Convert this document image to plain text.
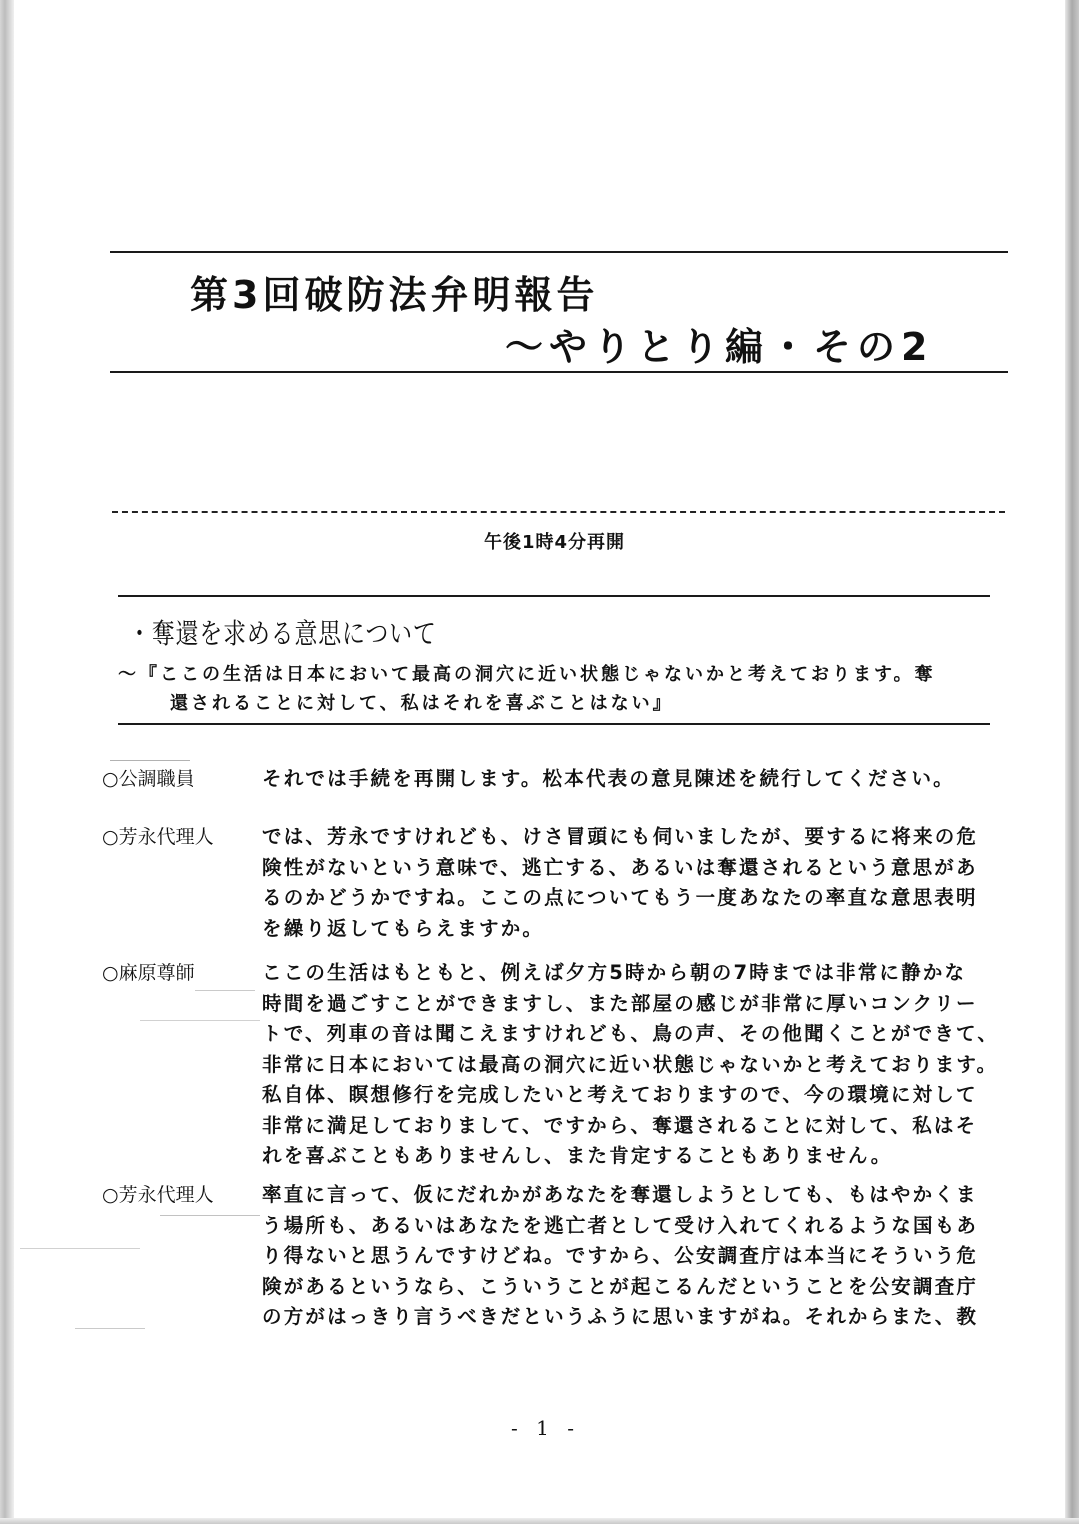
第3回破防法弁明報告
〜やりとり編・その2
午後1時4分再開
・奪還を求める意思について
〜『ここの生活は日本において最高の洞穴に近い状態じゃないかと考えております。奪
還されることに対して、私はそれを喜ぶことはない』
○公調職員	それでは手続を再開します。松本代表の意見陳述を続行してください。
○芳永代理人	では、芳永ですけれども、けさ冒頭にも伺いましたが、要するに将来の危
険性がないという意味で、逃亡する、あるいは奪還されるという意思があ
るのかどうかですね。ここの点についてもう一度あなたの率直な意思表明
を繰り返してもらえますか。
○麻原尊師	ここの生活はもともと、例えば夕方5時から朝の7時までは非常に静かな
時間を過ごすことができますし、また部屋の感じが非常に厚いコンクリー
トで、列車の音は聞こえますけれども、鳥の声、その他聞くことができて、
非常に日本においては最高の洞穴に近い状態じゃないかと考えております。
私自体、瞑想修行を完成したいと考えておりますので、今の環境に対して
非常に満足しておりまして、ですから、奪還されることに対して、私はそ
れを喜ぶこともありませんし、また肯定することもありません。
○芳永代理人	率直に言って、仮にだれかがあなたを奪還しようとしても、もはやかくま
う場所も、あるいはあなたを逃亡者として受け入れてくれるような国もあ
り得ないと思うんですけどね。ですから、公安調査庁は本当にそういう危
険があるというなら、こういうことが起こるんだということを公安調査庁
の方がはっきり言うべきだというふうに思いますがね。それからまた、教
- 1 -
